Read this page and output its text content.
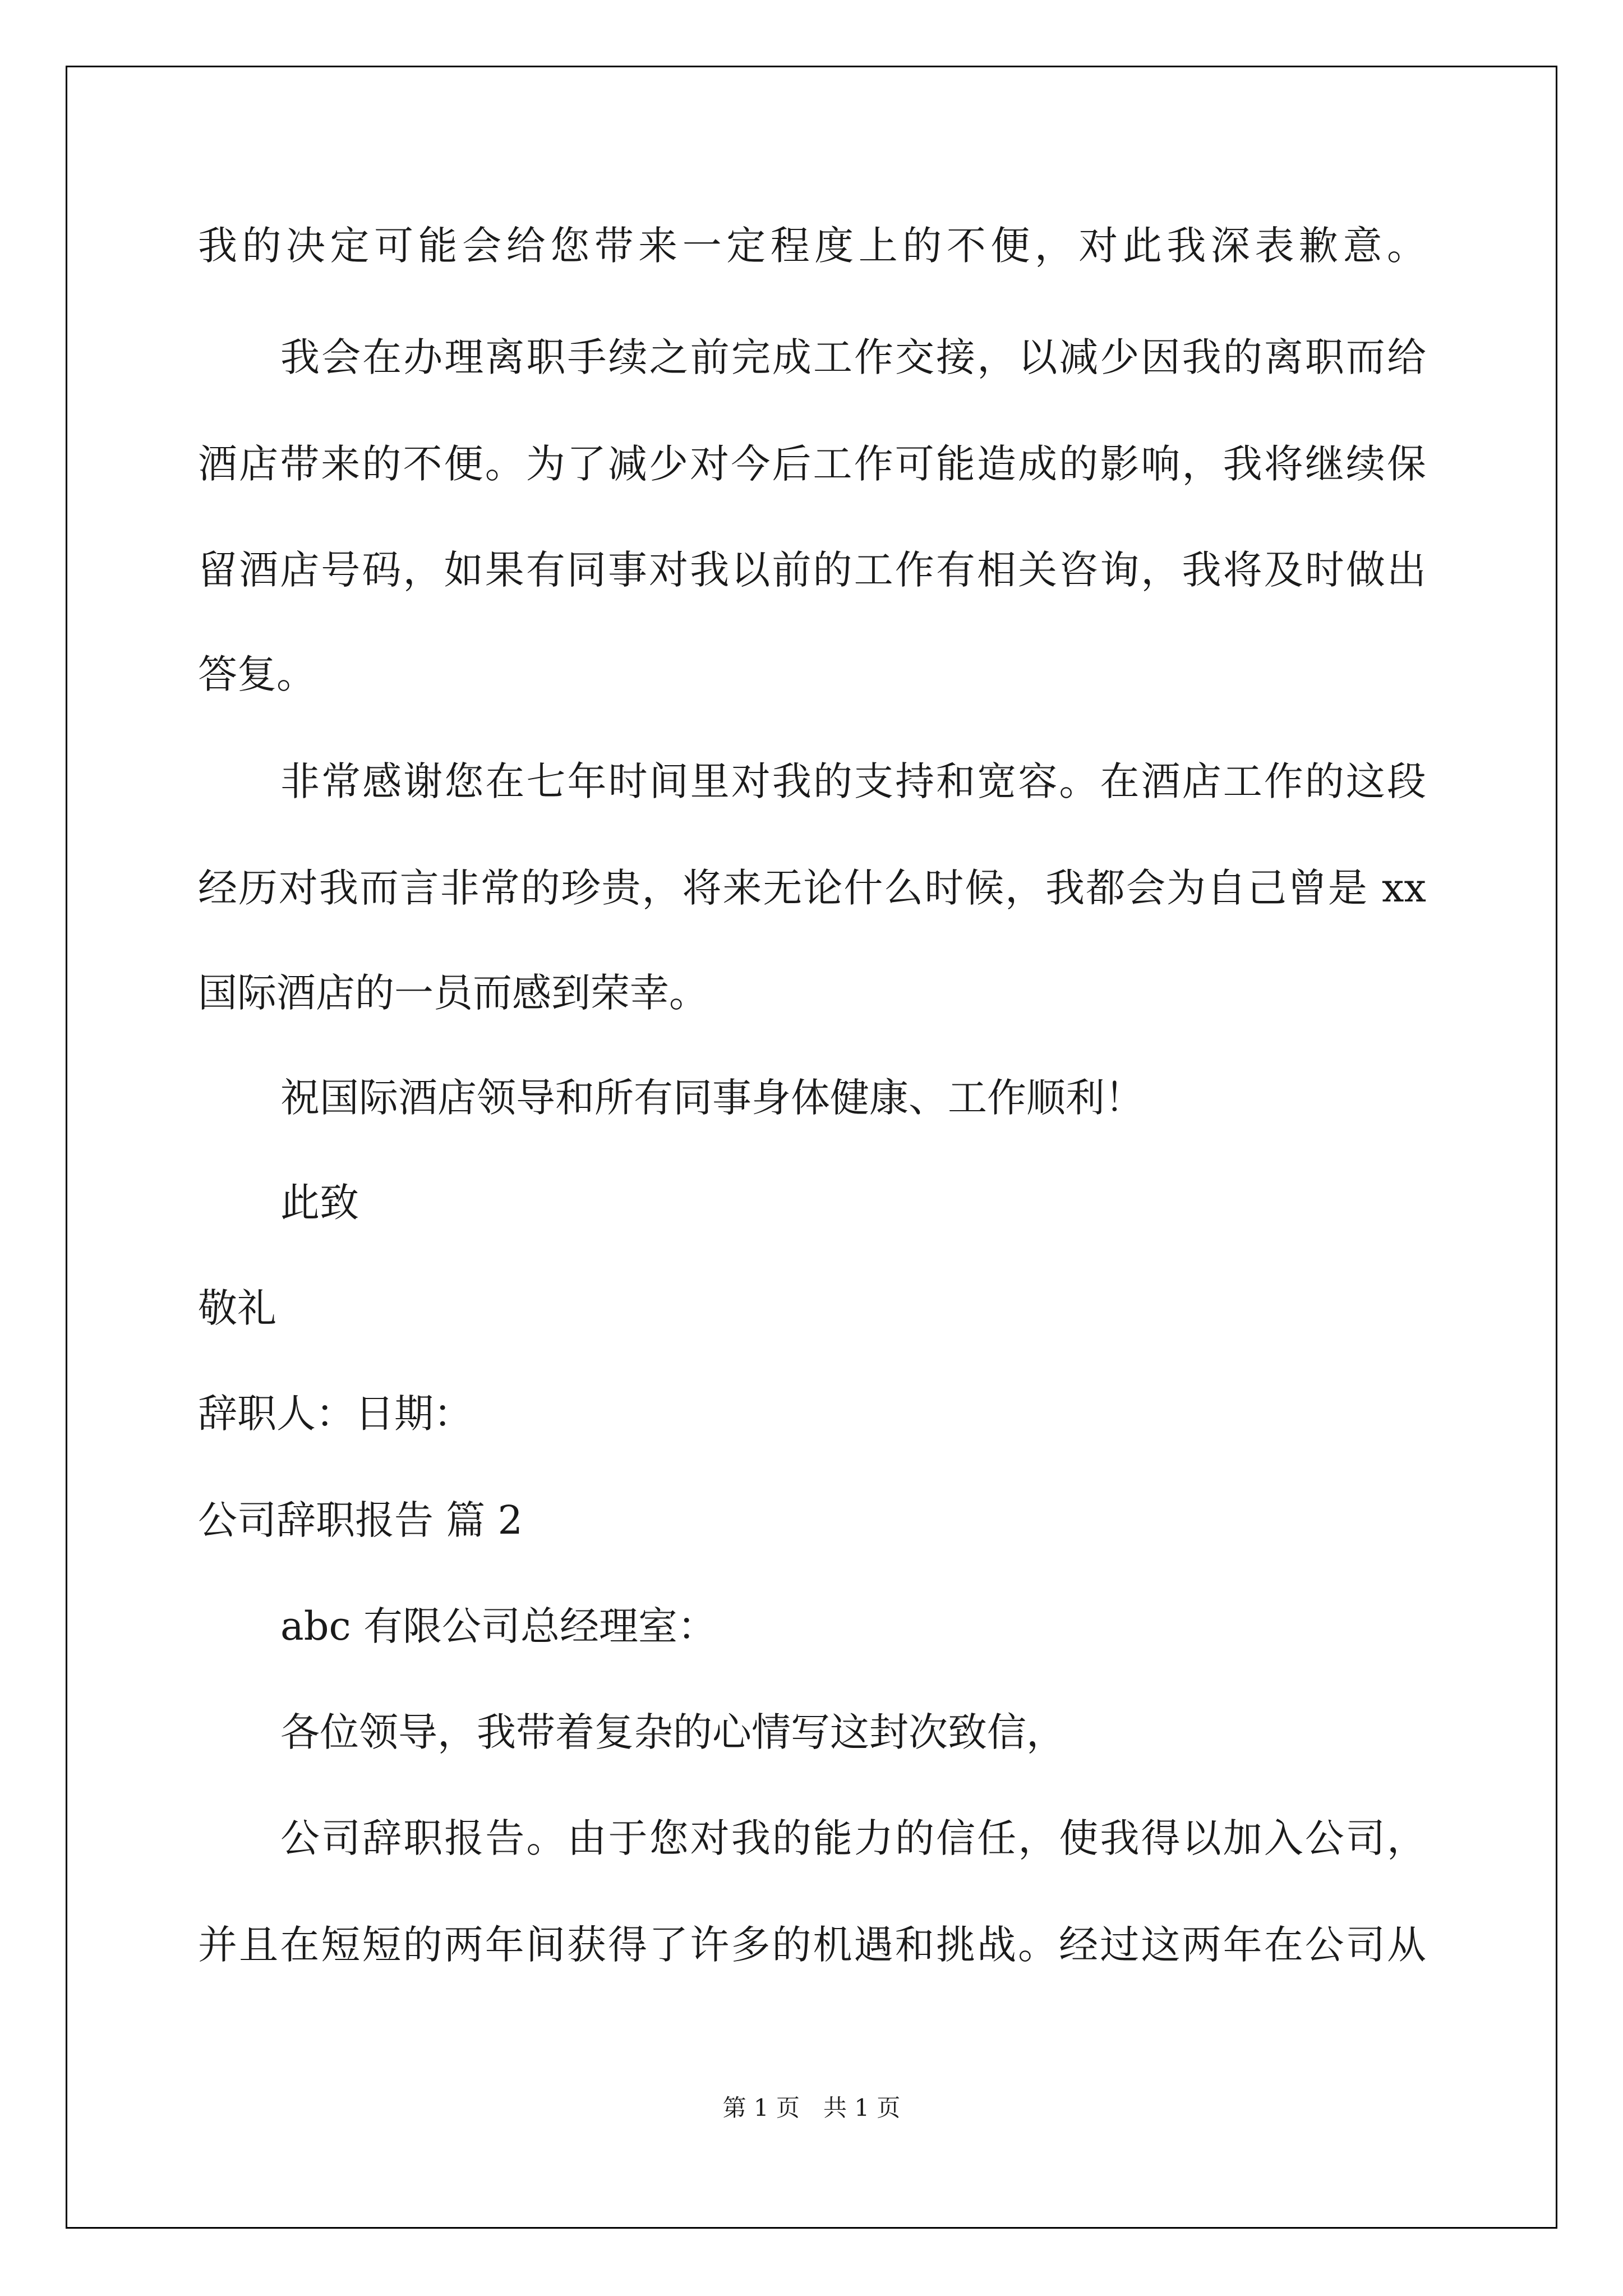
我的决定可能会给您带来一定程度上的不便，对此我深表歉意。
我会在办理离职手续之前完成工作交接，以减少因我的离职而给
酒店带来的不便。为了减少对今后工作可能造成的影响，我将继续保
留酒店号码，如果有同事对我以前的工作有相关咨询，我将及时做出
答复。
非常感谢您在七年时间里对我的支持和宽容。在酒店工作的这段
经历对我而言非常的珍贵，将来无论什么时候，我都会为自己曾是 xx
国际酒店的一员而感到荣幸。
祝国际酒店领导和所有同事身体健康、工作顺利！
此致
敬礼
辞职人：日期：
公司辞职报告 篇 2
abc 有限公司总经理室：
各位领导，我带着复杂的心情写这封次致信，
公司辞职报告。由于您对我的能力的信任，使我得以加入公司，
并且在短短的两年间获得了许多的机遇和挑战。经过这两年在公司从
第 1 页　共 1 页
